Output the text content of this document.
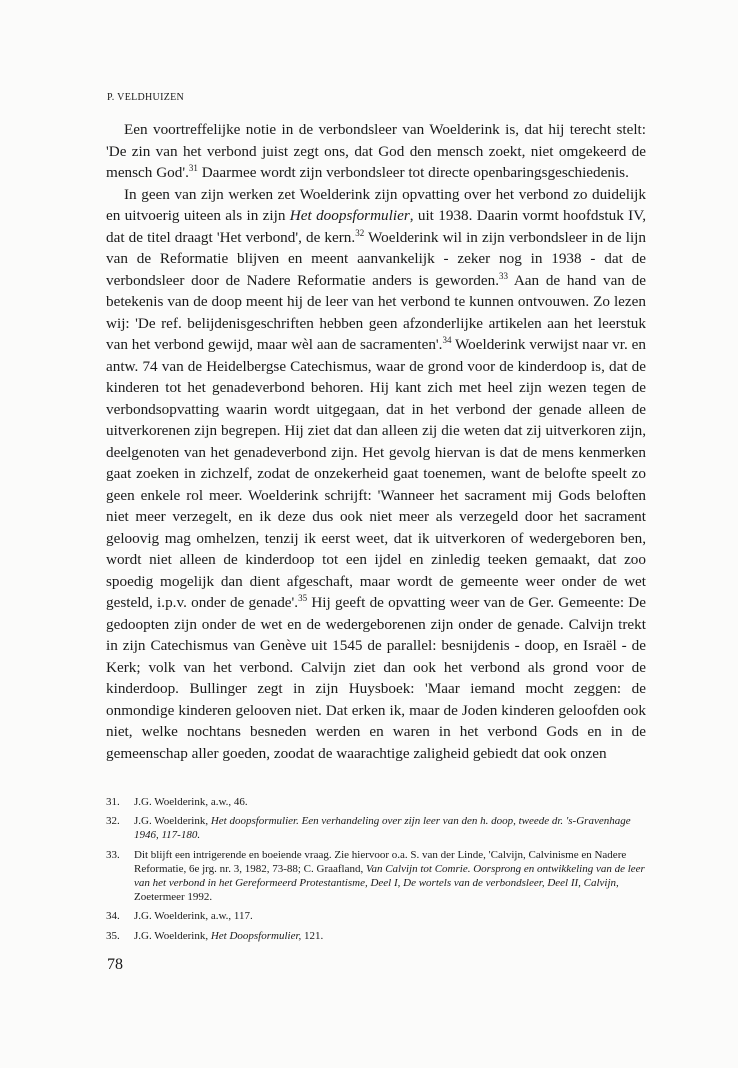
P. VELDHUIZEN

Een voortreffelijke notie in de verbondsleer van Woelderink is, dat hij terecht stelt: 'De zin van het verbond juist zegt ons, dat God den mensch zoekt, niet omgekeerd de mensch God'.$^{31}$ Daarmee wordt zijn verbondsleer tot directe openbaringsgeschiedenis.

In geen van zijn werken zet Woelderink zijn opvatting over het verbond zo duidelijk en uitvoerig uiteen als in zijn Het doopsformulier, uit 1938. Daarin vormt hoofdstuk IV, dat de titel draagt 'Het verbond', de kern.$^{32}$ Woelderink wil in zijn verbondsleer in de lijn van de Reformatie blijven en meent aanvankelijk - zeker nog in 1938 - dat de verbondsleer door de Nadere Reformatie anders is geworden.$^{33}$ Aan de hand van de betekenis van de doop meent hij de leer van het verbond te kunnen ontvouwen. Zo lezen wij: 'De ref. belijdenisgeschriften hebben geen afzonderlijke artikelen aan het leerstuk van het verbond gewijd, maar wèl aan de sacramenten'.$^{34}$ Woelderink verwijst naar vr. en antw. 74 van de Heidelbergse Catechismus, waar de grond voor de kinderdoop is, dat de kinderen tot het genadeverbond behoren. Hij kant zich met heel zijn wezen tegen de verbondsopvatting waarin wordt uitgegaan, dat in het verbond der genade alleen de uitverkorenen zijn begrepen. Hij ziet dat dan alleen zij die weten dat zij uitverkoren zijn, deelgenoten van het genadeverbond zijn. Het gevolg hiervan is dat de mens kenmerken gaat zoeken in zichzelf, zodat de onzekerheid gaat toenemen, want de belofte speelt zo geen enkele rol meer. Woelderink schrijft: 'Wanneer het sacrament mij Gods beloften niet meer verzegelt, en ik deze dus ook niet meer als verzegeld door het sacrament geloovig mag omhelzen, tenzij ik eerst weet, dat ik uitverkoren of wedergeboren ben, wordt niet alleen de kinderdoop tot een ijdel en zinledig teeken gemaakt, dat zoo spoedig mogelijk dan dient afgeschaft, maar wordt de gemeente weer onder de wet gesteld, i.p.v. onder de genade'.$^{35}$ Hij geeft de opvatting weer van de Ger. Gemeente: De gedoopten zijn onder de wet en de wedergeborenen zijn onder de genade. Calvijn trekt in zijn Catechismus van Genève uit 1545 de parallel: besnijdenis - doop, en Israël - de Kerk; volk van het verbond. Calvijn ziet dan ook het verbond als grond voor de kinderdoop. Bullinger zegt in zijn Huysboek: 'Maar iemand mocht zeggen: de onmondige kinderen gelooven niet. Dat erken ik, maar de Joden kinderen geloofden ook niet, welke nochtans besneden werden en waren in het verbond Gods en in de gemeenschap aller goeden, zoodat de waarachtige zaligheid gebiedt dat ook onzen

31.	J.G. Woelderink, a.w., 46.
32.	J.G. Woelderink, Het doopsformulier. Een verhandeling over zijn leer van den h. doop, tweede dr. 's-Gravenhage 1946, 117-180.
33.	Dit blijft een intrigerende en boeiende vraag. Zie hiervoor o.a. S. van der Linde, 'Calvijn, Calvinisme en Nadere Reformatie, 6e jrg. nr. 3, 1982, 73-88; C. Graafland, Van Calvijn tot Comrie. Oorsprong en ontwikkeling van de leer van het verbond in het Gereformeerd Protestantisme, Deel I, De wortels van de verbondsleer, Deel II, Calvijn, Zoetermeer 1992.
34.	J.G. Woelderink, a.w., 117.
35.	J.G. Woelderink, Het Doopsformulier, 121.
78
